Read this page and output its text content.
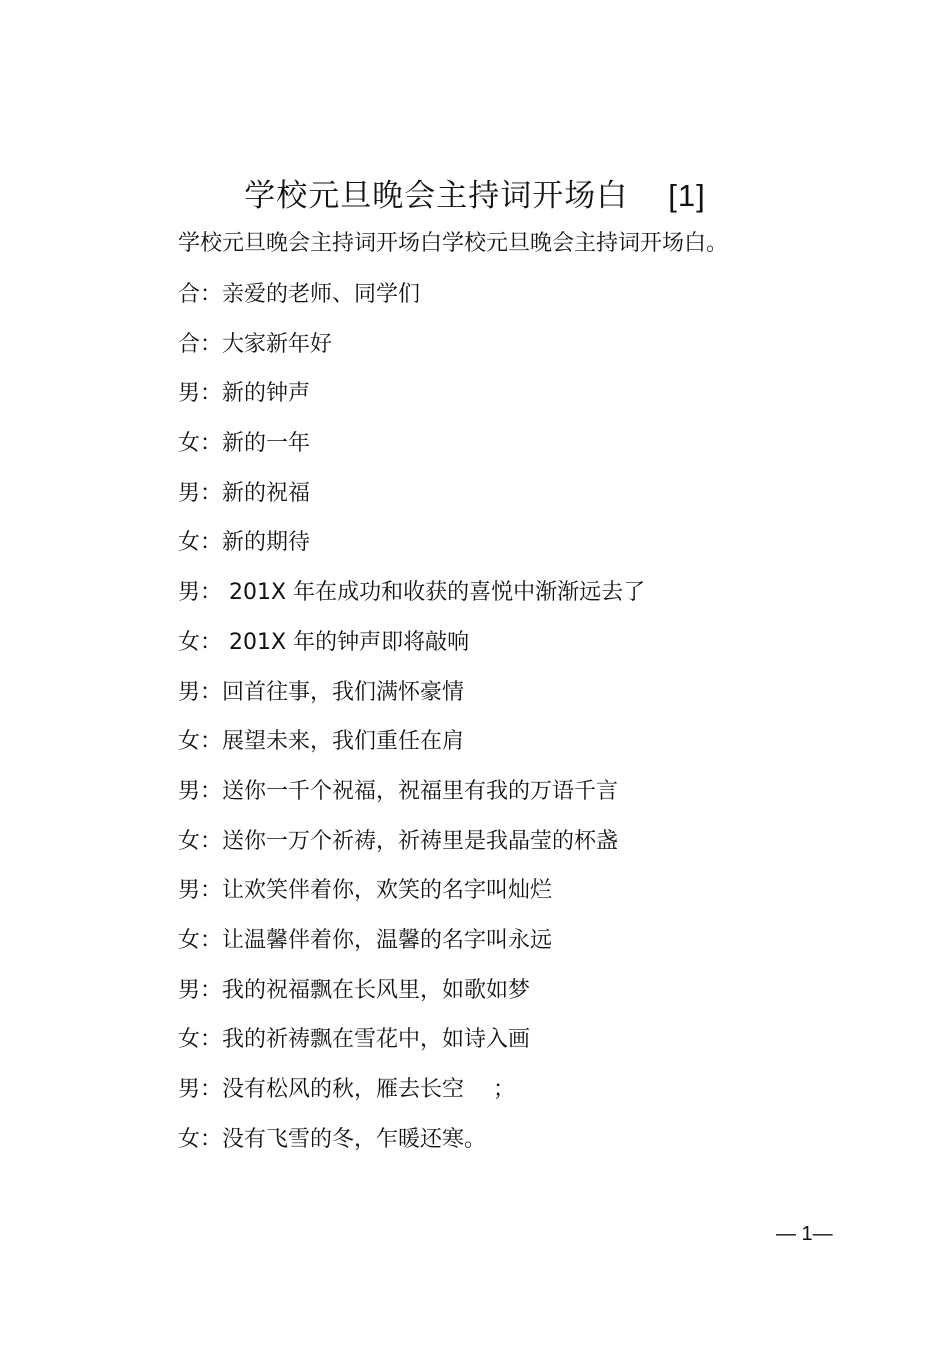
学校元旦晚会主持词开场白 [1]
学校元旦晚会主持词开场白学校元旦晚会主持词开场白。
合：亲爱的老师、同学们
合：大家新年好
男：新的钟声
女：新的一年
男：新的祝福
女：新的期待
男： 201X 年在成功和收获的喜悦中渐渐远去了
女： 201X 年的钟声即将敲响
男：回首往事，我们满怀豪情
女：展望未来，我们重任在肩
男：送你一千个祝福，祝福里有我的万语千言
女：送你一万个祈祷，祈祷里是我晶莹的杯盏
男：让欢笑伴着你，欢笑的名字叫灿烂
女：让温馨伴着你，温馨的名字叫永远
男：我的祝福飘在长风里，如歌如梦
女：我的祈祷飘在雪花中，如诗入画
男：没有松风的秋，雁去长空　 ；
女：没有飞雪的冬，乍暖还寒。
— 1—
